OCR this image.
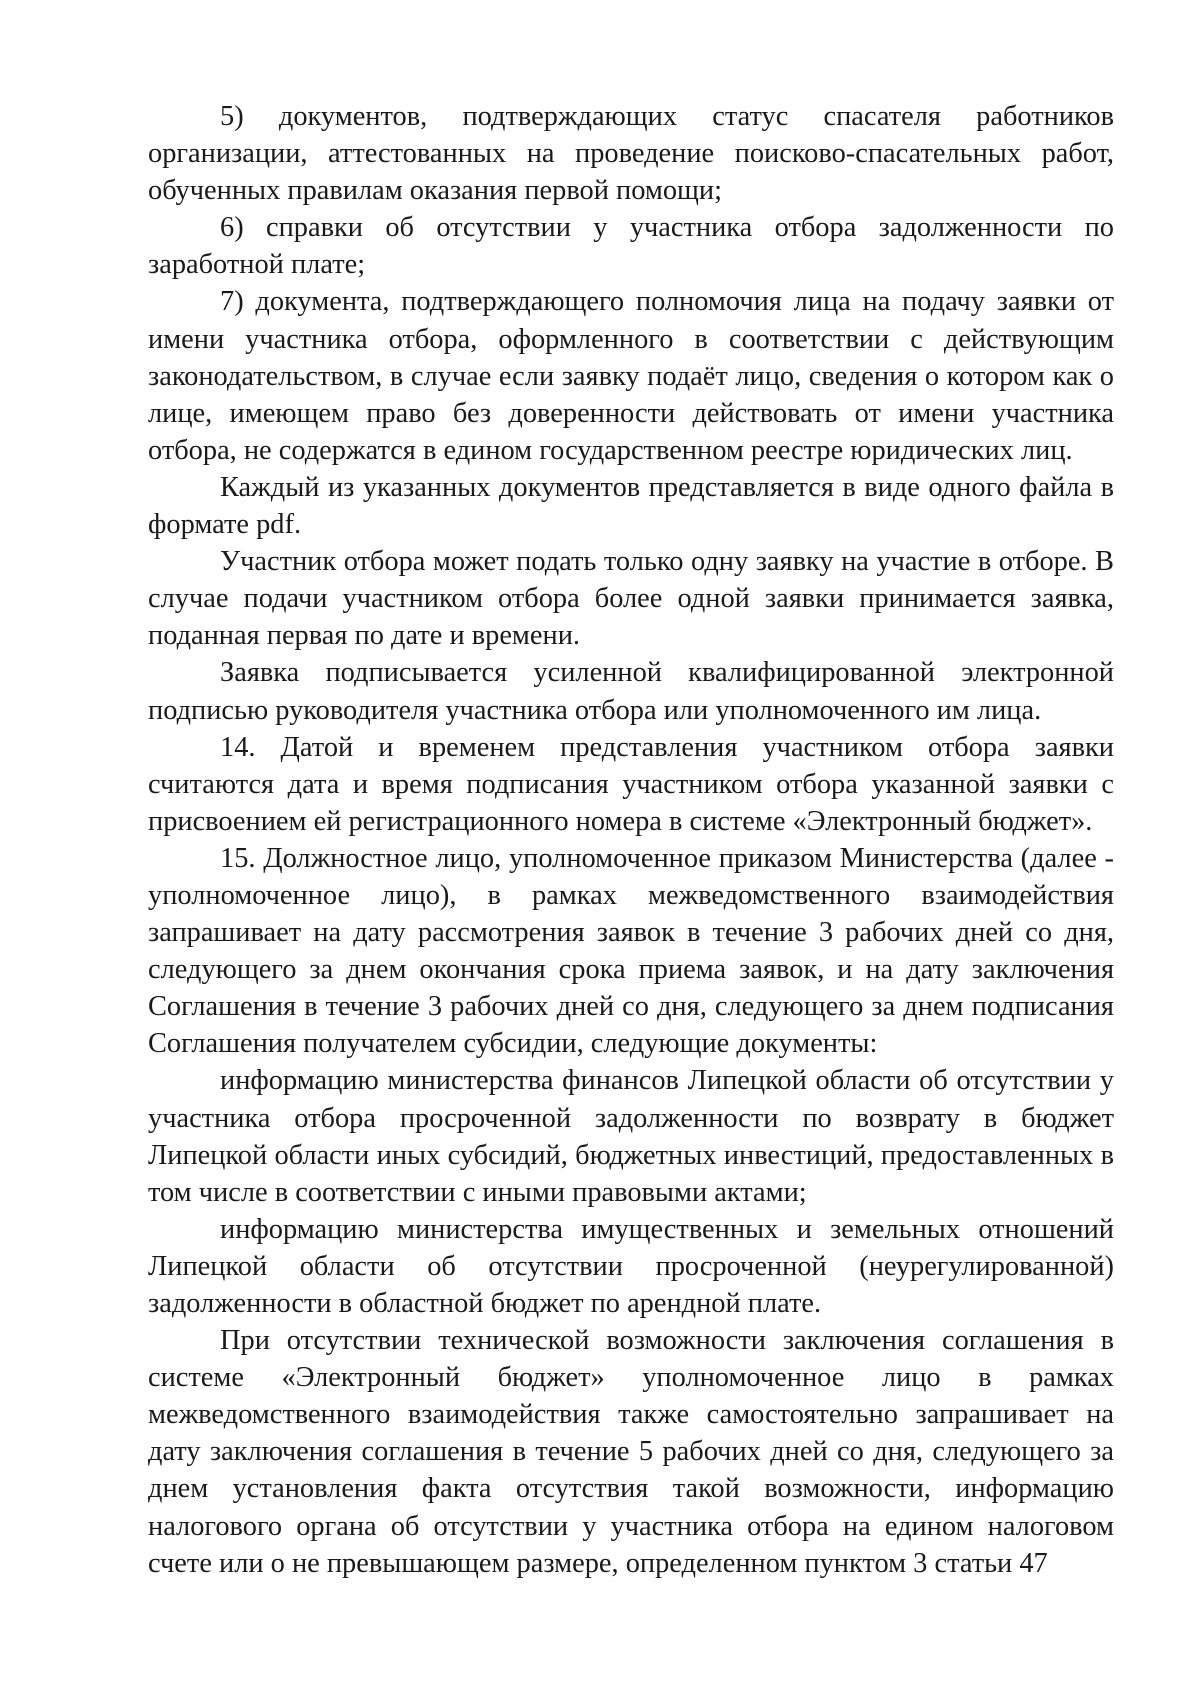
5) документов, подтверждающих статус спасателя работников организации, аттестованных на проведение поисково-спасательных работ, обученных правилам оказания первой помощи;

6) справки об отсутствии у участника отбора задолженности по заработной плате;

7) документа, подтверждающего полномочия лица на подачу заявки от имени участника отбора, оформленного в соответствии с действующим законодательством, в случае если заявку подаёт лицо, сведения о котором как о лице, имеющем право без доверенности действовать от имени участника отбора, не содержатся в едином государственном реестре юридических лиц.

Каждый из указанных документов представляется в виде одного файла в формате pdf.

Участник отбора может подать только одну заявку на участие в отборе. В случае подачи участником отбора более одной заявки принимается заявка, поданная первая по дате и времени.

Заявка подписывается усиленной квалифицированной электронной подписью руководителя участника отбора или уполномоченного им лица.

14. Датой и временем представления участником отбора заявки считаются дата и время подписания участником отбора указанной заявки с присвоением ей регистрационного номера в системе «Электронный бюджет».

15. Должностное лицо, уполномоченное приказом Министерства (далее - уполномоченное лицо), в рамках межведомственного взаимодействия запрашивает на дату рассмотрения заявок в течение 3 рабочих дней со дня, следующего за днем окончания срока приема заявок, и на дату заключения Соглашения в течение 3 рабочих дней со дня, следующего за днем подписания Соглашения получателем субсидии, следующие документы:

информацию министерства финансов Липецкой области об отсутствии у участника отбора просроченной задолженности по возврату в бюджет Липецкой области иных субсидий, бюджетных инвестиций, предоставленных в том числе в соответствии с иными правовыми актами;

информацию министерства имущественных и земельных отношений Липецкой области об отсутствии просроченной (неурегулированной) задолженности в областной бюджет по арендной плате.

При отсутствии технической возможности заключения соглашения в системе «Электронный бюджет» уполномоченное лицо в рамках межведомственного взаимодействия также самостоятельно запрашивает на дату заключения соглашения в течение 5 рабочих дней со дня, следующего за днем установления факта отсутствия такой возможности, информацию налогового органа об отсутствии у участника отбора на едином налоговом счете или о не превышающем размере, определенном пунктом 3 статьи 47
